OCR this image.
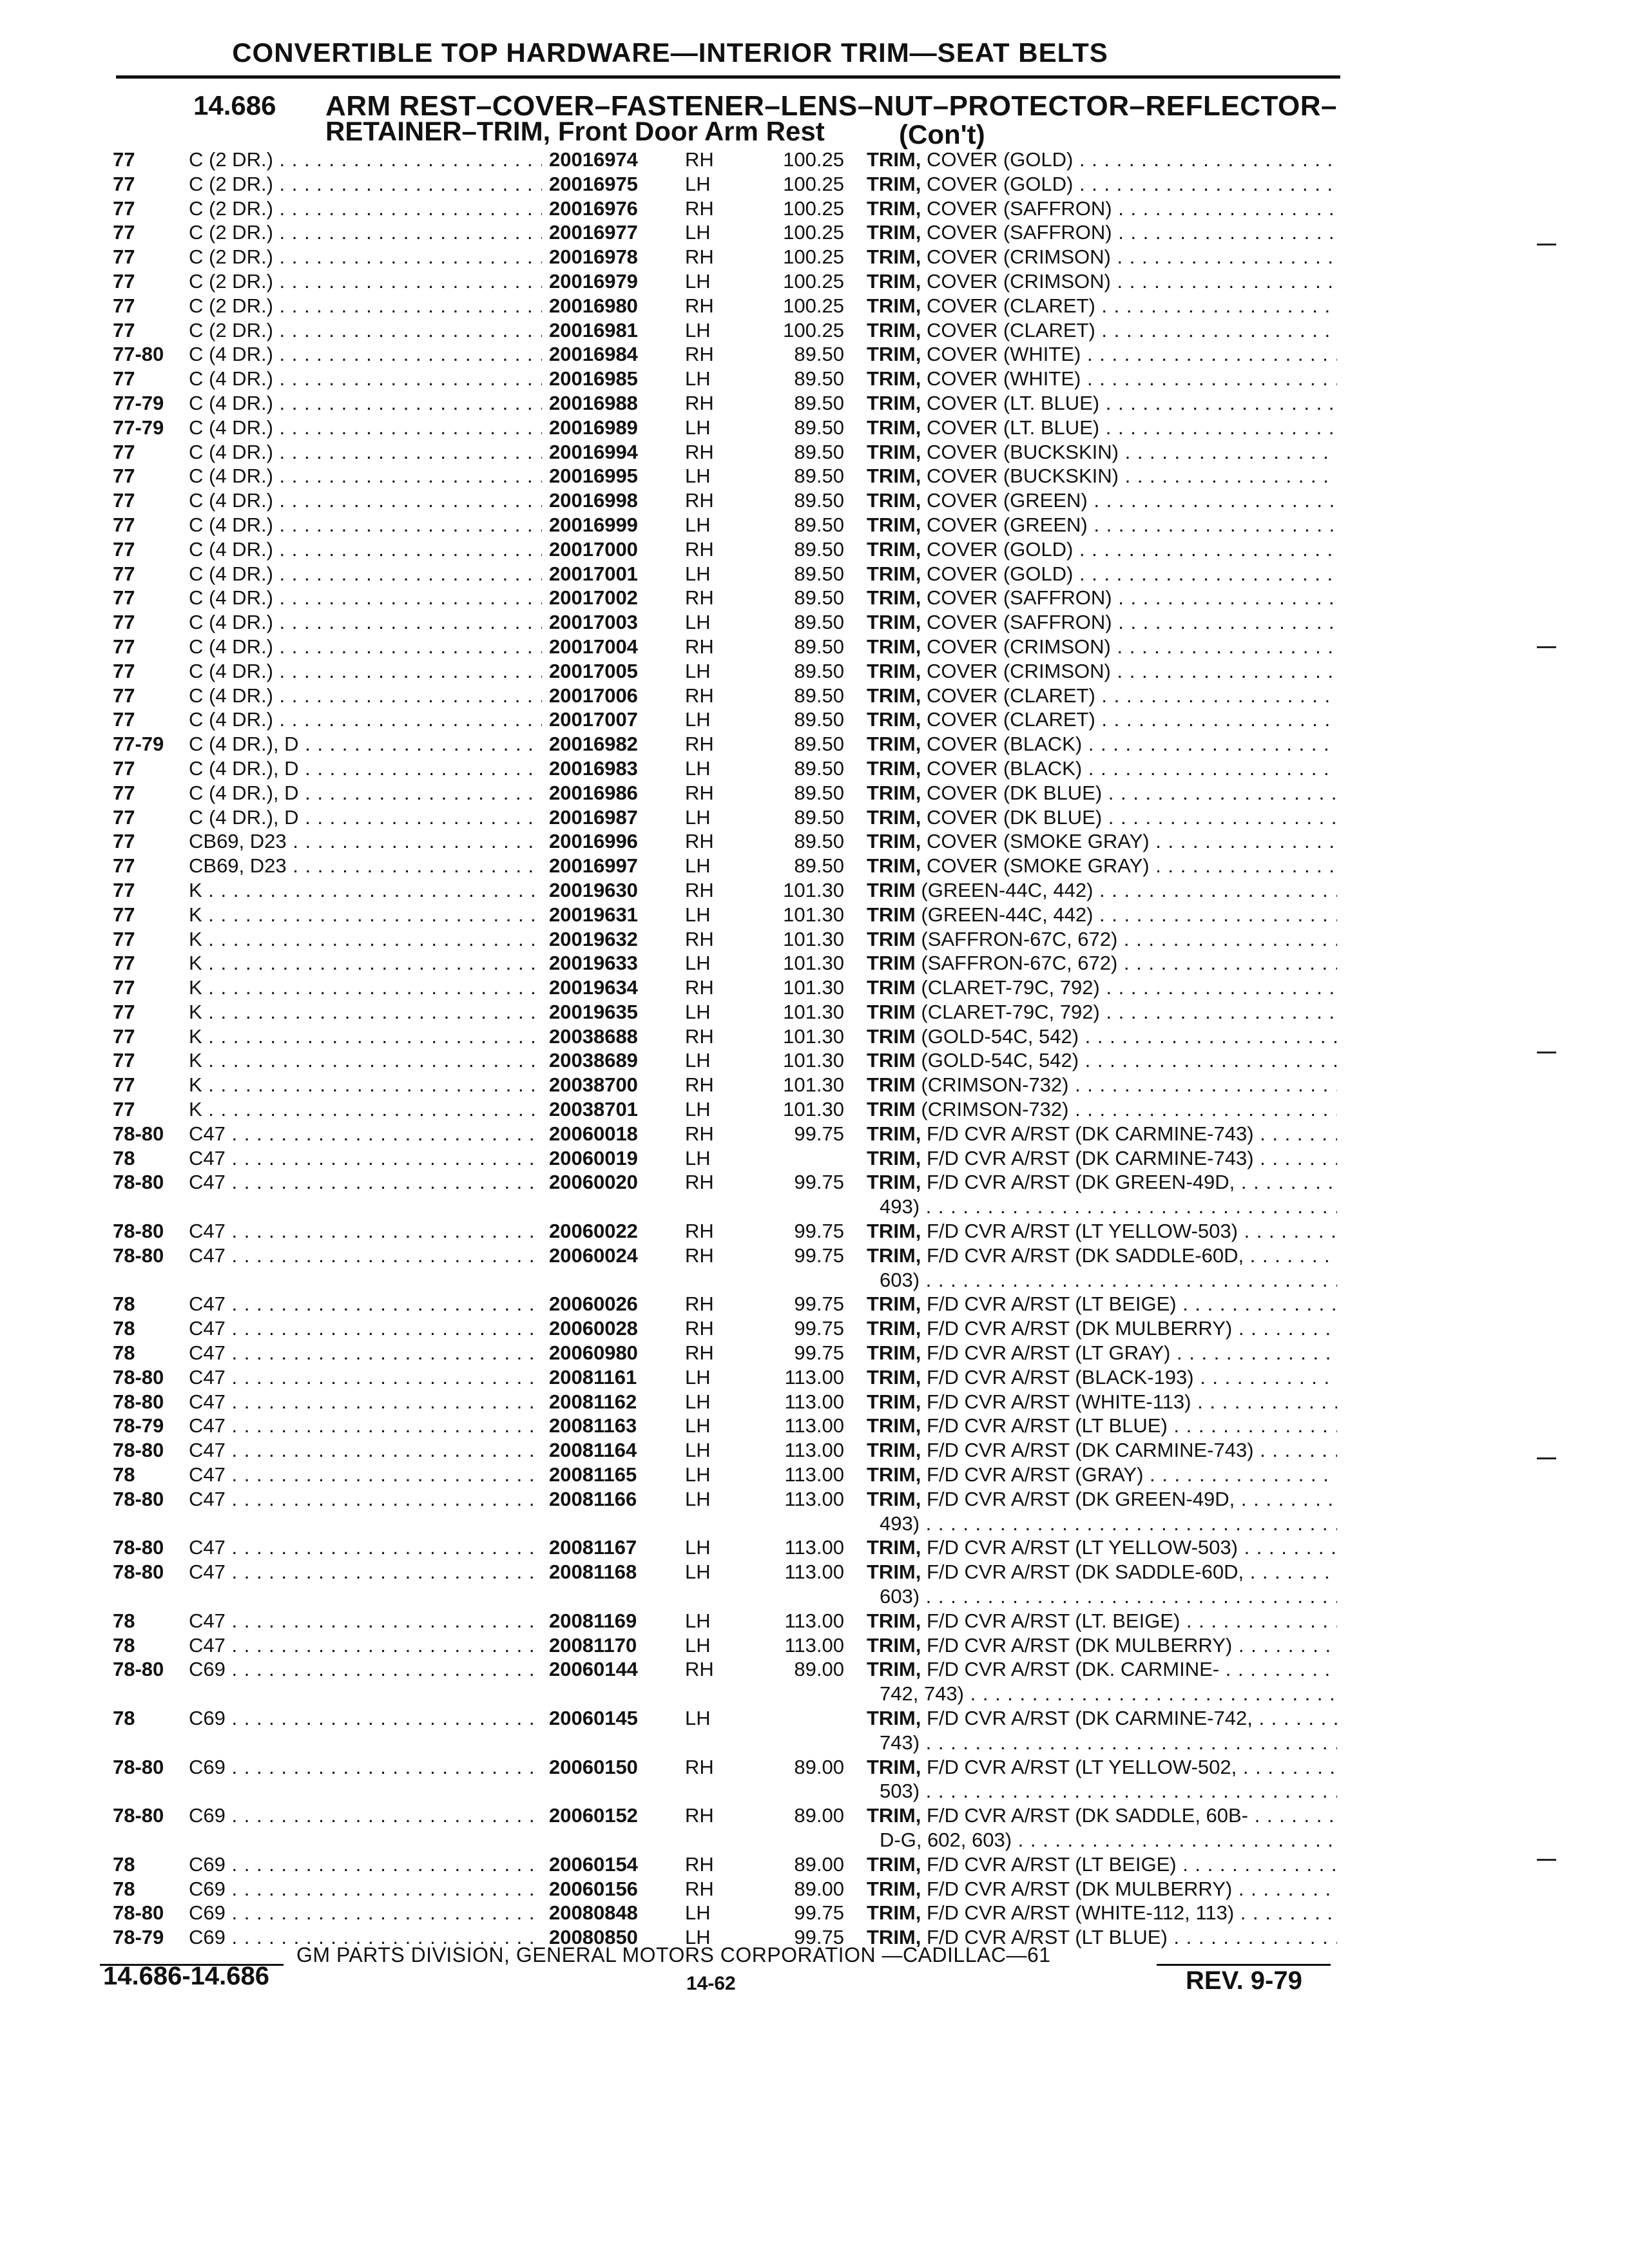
CONVERTIBLE TOP HARDWARE—INTERIOR TRIM—SEAT BELTS
14.686 ARM REST–COVER–FASTENER–LENS–NUT–PROTECTOR–REFLECTOR–
RETAINER–TRIM, Front Door Arm Rest	(Con't)
77	C (2 DR.) . . .	20016974 RH	100.25 TRIM, COVER (GOLD) . . .
77	C (2 DR.) . . .	20016975 LH	100.25 TRIM, COVER (GOLD) . . .
77	C (2 DR.) . . .	20016976 RH	100.25 TRIM, COVER (SAFFRON) . . .
77	C (2 DR.) . . .	20016977 LH	100.25 TRIM, COVER (SAFFRON) . . .
77	C (2 DR.) . . .	20016978 RH	100.25 TRIM, COVER (CRIMSON) . . .
77	C (2 DR.) . . .	20016979 LH	100.25 TRIM, COVER (CRIMSON) . . .
77	C (2 DR.) . . .	20016980 RH	100.25 TRIM, COVER (CLARET) . . .
77	C (2 DR.) . . .	20016981 LH	100.25 TRIM, COVER (CLARET) . . .
77-80 C (4 DR.) . . .	20016984 RH	89.50 TRIM, COVER (WHITE) . . .
77	C (4 DR.) . . .	20016985 LH	89.50 TRIM, COVER (WHITE) . . .
77-79 C (4 DR.) . . .	20016988 RH	89.50 TRIM, COVER (LT. BLUE) . . .
77-79 C (4 DR.) . . .	20016989 LH	89.50 TRIM, COVER (LT. BLUE) . . .
77	C (4 DR.) . . .	20016994 RH	89.50 TRIM, COVER (BUCKSKIN) . . .
77	C (4 DR.) . . .	20016995 LH	89.50 TRIM, COVER (BUCKSKIN) . . .
77	C (4 DR.) . . .	20016998 RH	89.50 TRIM, COVER (GREEN) . . .
77	C (4 DR.) . . .	20016999 LH	89.50 TRIM, COVER (GREEN) . . .
77	C (4 DR.) . . .	20017000 RH	89.50 TRIM, COVER (GOLD) . . .
77	C (4 DR.) . . .	20017001 LH	89.50 TRIM, COVER (GOLD) . . .
77	C (4 DR.) . . .	20017002 RH	89.50 TRIM, COVER (SAFFRON) . . .
77	C (4 DR.) . . .	20017003 LH	89.50 TRIM, COVER (SAFFRON) . . .
77	C (4 DR.) . . .	20017004 RH	89.50 TRIM, COVER (CRIMSON) . . .
77	C (4 DR.) . . .	20017005 LH	89.50 TRIM, COVER (CRIMSON) . . .
77	C (4 DR.) . . .	20017006 RH	89.50 TRIM, COVER (CLARET) . . .
77	C (4 DR.) . . .	20017007 LH	89.50 TRIM, COVER (CLARET) . . .
77-79 C (4 DR.), D . . .	20016982 RH	89.50 TRIM, COVER (BLACK) . . .
77	C (4 DR.), D . . .	20016983 LH	89.50 TRIM, COVER (BLACK) . . .
77	C (4 DR.), D . . .	20016986 RH	89.50 TRIM, COVER (DK BLUE) . . .
77	C (4 DR.), D . . .	20016987 LH	89.50 TRIM, COVER (DK BLUE) . . .
77	CB69, D23 . . .	20016996 RH	89.50 TRIM, COVER (SMOKE GRAY) . . .
77	CB69, D23 . . .	20016997 LH	89.50 TRIM, COVER (SMOKE GRAY) . . .
77	K . . .	20019630 RH	101.30 TRIM (GREEN-44C, 442) . . .
77	K . . .	20019631 LH	101.30 TRIM (GREEN-44C, 442) . . .
77	K . . .	20019632 RH	101.30 TRIM (SAFFRON-67C, 672) . . .
77	K . . .	20019633 LH	101.30 TRIM (SAFFRON-67C, 672) . . .
77	K . . .	20019634 RH	101.30 TRIM (CLARET-79C, 792) . . .
77	K . . .	20019635 LH	101.30 TRIM (CLARET-79C, 792) . . .
77	K . . .	20038688 RH	101.30 TRIM (GOLD-54C, 542) . . .
77	K . . .	20038689 LH	101.30 TRIM (GOLD-54C, 542) . . .
77	K . . .	20038700 RH	101.30 TRIM (CRIMSON-732) . . .
77	K . . .	20038701 LH	101.30 TRIM (CRIMSON-732) . . .
78-80 C47 . . .	20060018 RH	99.75 TRIM, F/D CVR A/RST (DK CARMINE-743) . . .
78	C47 . . .	20060019 LH	TRIM, F/D CVR A/RST (DK CARMINE-743) . . .
78-80 C47 . . .	20060020 RH	99.75 TRIM, F/D CVR A/RST (DK GREEN-49D, . . .
493) . . .
78-80 C47 . . .	20060022 RH	99.75 TRIM, F/D CVR A/RST (LT YELLOW-503) . . .
78-80 C47 . . .	20060024 RH	99.75 TRIM, F/D CVR A/RST (DK SADDLE-60D, . . .
603) . . .
78	C47 . . .	20060026 RH	99.75 TRIM, F/D CVR A/RST (LT BEIGE) . . .
78	C47 . . .	20060028 RH	99.75 TRIM, F/D CVR A/RST (DK MULBERRY) . . .
78	C47 . . .	20060980 RH	99.75 TRIM, F/D CVR A/RST (LT GRAY) . . .
78-80 C47 . . .	20081161 LH	113.00 TRIM, F/D CVR A/RST (BLACK-193) . . .
78-80 C47 . . .	20081162 LH	113.00 TRIM, F/D CVR A/RST (WHITE-113) . . .
78-79 C47 . . .	20081163 LH	113.00 TRIM, F/D CVR A/RST (LT BLUE) . . .
78-80 C47 . . .	20081164 LH	113.00 TRIM, F/D CVR A/RST (DK CARMINE-743) . . .
78	C47 . . .	20081165 LH	113.00 TRIM, F/D CVR A/RST (GRAY) . . .
78-80 C47 . . .	20081166 LH	113.00 TRIM, F/D CVR A/RST (DK GREEN-49D, . . .
493) . . .
78-80 C47 . . .	20081167 LH	113.00 TRIM, F/D CVR A/RST (LT YELLOW-503) . . .
78-80 C47 . . .	20081168 LH	113.00 TRIM, F/D CVR A/RST (DK SADDLE-60D, . . .
603) . . .
78	C47 . . .	20081169 LH	113.00 TRIM, F/D CVR A/RST (LT. BEIGE) . . .
78	C47 . . .	20081170 LH	113.00 TRIM, F/D CVR A/RST (DK MULBERRY) . . .
78-80 C69 . . .	20060144 RH	89.00 TRIM, F/D CVR A/RST (DK. CARMINE- . . .
742, 743) . . .
78	C69 . . .	20060145 LH	TRIM, F/D CVR A/RST (DK CARMINE-742, . . .
743) . . .
78-80 C69 . . .	20060150 RH	89.00 TRIM, F/D CVR A/RST (LT YELLOW-502, . . .
503) . . .
78-80 C69 . . .	20060152 RH	89.00 TRIM, F/D CVR A/RST (DK SADDLE, 60B- . . .
D-G, 602, 603) . . .
78	C69 . . .	20060154 RH	89.00 TRIM, F/D CVR A/RST (LT BEIGE) . . .
78	C69 . . .	20060156 RH	89.00 TRIM, F/D CVR A/RST (DK MULBERRY) . . .
78-80 C69 . . .	20080848 LH	99.75 TRIM, F/D CVR A/RST (WHITE-112, 113) . . .
78-79 C69 . . .	20080850 LH	99.75 TRIM, F/D CVR A/RST (LT BLUE) . . .
GM PARTS DIVISION, GENERAL MOTORS CORPORATION —CADILLAC—61
14.686-14.686	14-62	REV. 9-79
